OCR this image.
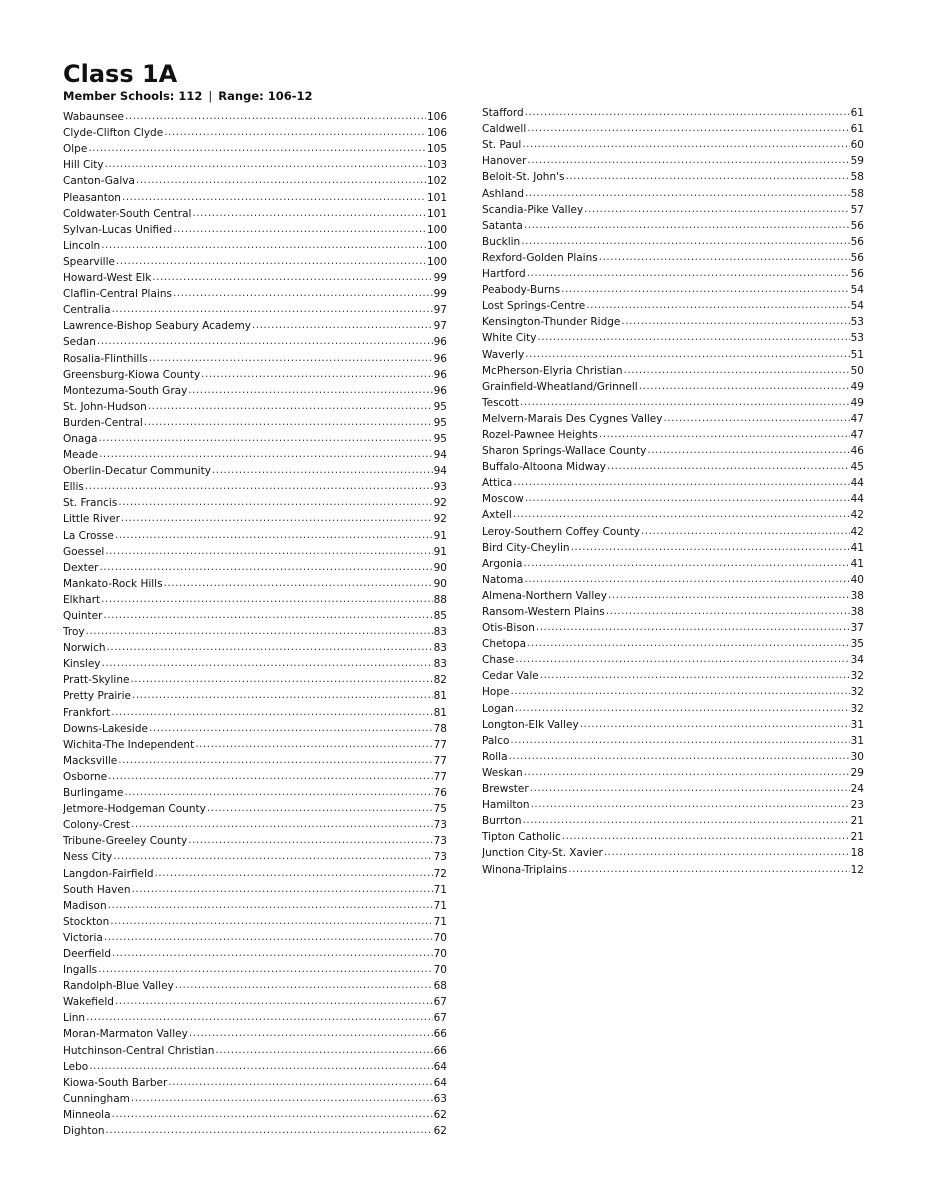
Class 1A
Member Schools: 112 | Range: 106-12
Wabaunsee .....	106
Clyde-Clifton Clyde .....	106
Olpe .....	105
Hill City .....	103
Canton-Galva .....	102
Pleasanton .....	101
Coldwater-South Central .....	101
Sylvan-Lucas Unified .....	100
Lincoln .....	100
Spearville .....	100
Howard-West Elk .....	99
Claflin-Central Plains .....	99
Centralia .....	97
Lawrence-Bishop Seabury Academy .....	97
Sedan .....	96
Rosalia-Flinthills .....	96
Greensburg-Kiowa County .....	96
Montezuma-South Gray .....	96
St. John-Hudson .....	95
Burden-Central .....	95
Onaga .....	95
Meade .....	94
Oberlin-Decatur Community .....	94
Ellis .....	93
St. Francis .....	92
Little River .....	92
La Crosse .....	91
Goessel .....	91
Dexter .....	90
Mankato-Rock Hills .....	90
Elkhart .....	88
Quinter .....	85
Troy .....	83
Norwich .....	83
Kinsley .....	83
Pratt-Skyline .....	82
Pretty Prairie .....	81
Frankfort .....	81
Downs-Lakeside .....	78
Wichita-The Independent .....	77
Macksville .....	77
Osborne .....	77
Burlingame .....	76
Jetmore-Hodgeman County .....	75
Colony-Crest .....	73
Tribune-Greeley County .....	73
Ness City .....	73
Langdon-Fairfield .....	72
South Haven .....	71
Madison .....	71
Stockton .....	71
Victoria .....	70
Deerfield .....	70
Ingalls .....	70
Randolph-Blue Valley .....	68
Wakefield .....	67
Linn .....	67
Moran-Marmaton Valley .....	66
Hutchinson-Central Christian .....	66
Lebo .....	64
Kiowa-South Barber .....	64
Cunningham .....	63
Minneola .....	62
Dighton .....	62
Stafford .....	61
Caldwell .....	61
St. Paul .....	60
Hanover .....	59
Beloit-St. John's .....	58
Ashland .....	58
Scandia-Pike Valley .....	57
Satanta .....	56
Bucklin .....	56
Rexford-Golden Plains .....	56
Hartford .....	56
Peabody-Burns .....	54
Lost Springs-Centre .....	54
Kensington-Thunder Ridge .....	53
White City .....	53
Waverly .....	51
McPherson-Elyria Christian .....	50
Grainfield-Wheatland/Grinnell .....	49
Tescott .....	49
Melvern-Marais Des Cygnes Valley .....	47
Rozel-Pawnee Heights .....	47
Sharon Springs-Wallace County .....	46
Buffalo-Altoona Midway .....	45
Attica .....	44
Moscow .....	44
Axtell .....	42
Leroy-Southern Coffey County .....	42
Bird City-Cheylin .....	41
Argonia .....	41
Natoma .....	40
Almena-Northern Valley .....	38
Ransom-Western Plains .....	38
Otis-Bison .....	37
Chetopa .....	35
Chase .....	34
Cedar Vale .....	32
Hope .....	32
Logan .....	32
Longton-Elk Valley .....	31
Palco .....	31
Rolla .....	30
Weskan .....	29
Brewster .....	24
Hamilton .....	23
Burrton .....	21
Tipton Catholic .....	21
Junction City-St. Xavier .....	18
Winona-Triplains .....	12
